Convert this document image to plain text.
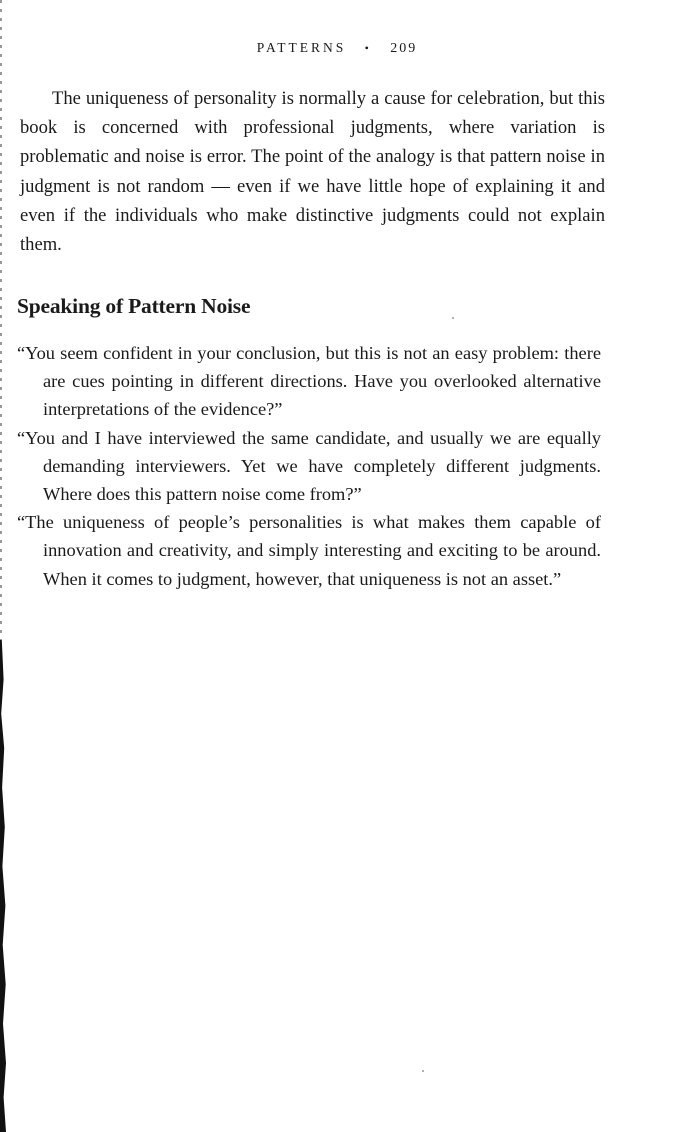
PATTERNS • 209

The uniqueness of personality is normally a cause for celebration, but this book is concerned with professional judgments, where variation is problematic and noise is error. The point of the analogy is that pattern noise in judgment is not random — even if we have little hope of explaining it and even if the individuals who make distinctive judgments could not explain them.

Speaking of Pattern Noise
“You seem confident in your conclusion, but this is not an easy problem: there are cues pointing in different directions. Have you overlooked alternative interpretations of the evidence?”
“You and I have interviewed the same candidate, and usually we are equally demanding interviewers. Yet we have completely different judgments. Where does this pattern noise come from?”
“The uniqueness of people’s personalities is what makes them capable of innovation and creativity, and simply interesting and exciting to be around. When it comes to judgment, however, that uniqueness is not an asset.”
